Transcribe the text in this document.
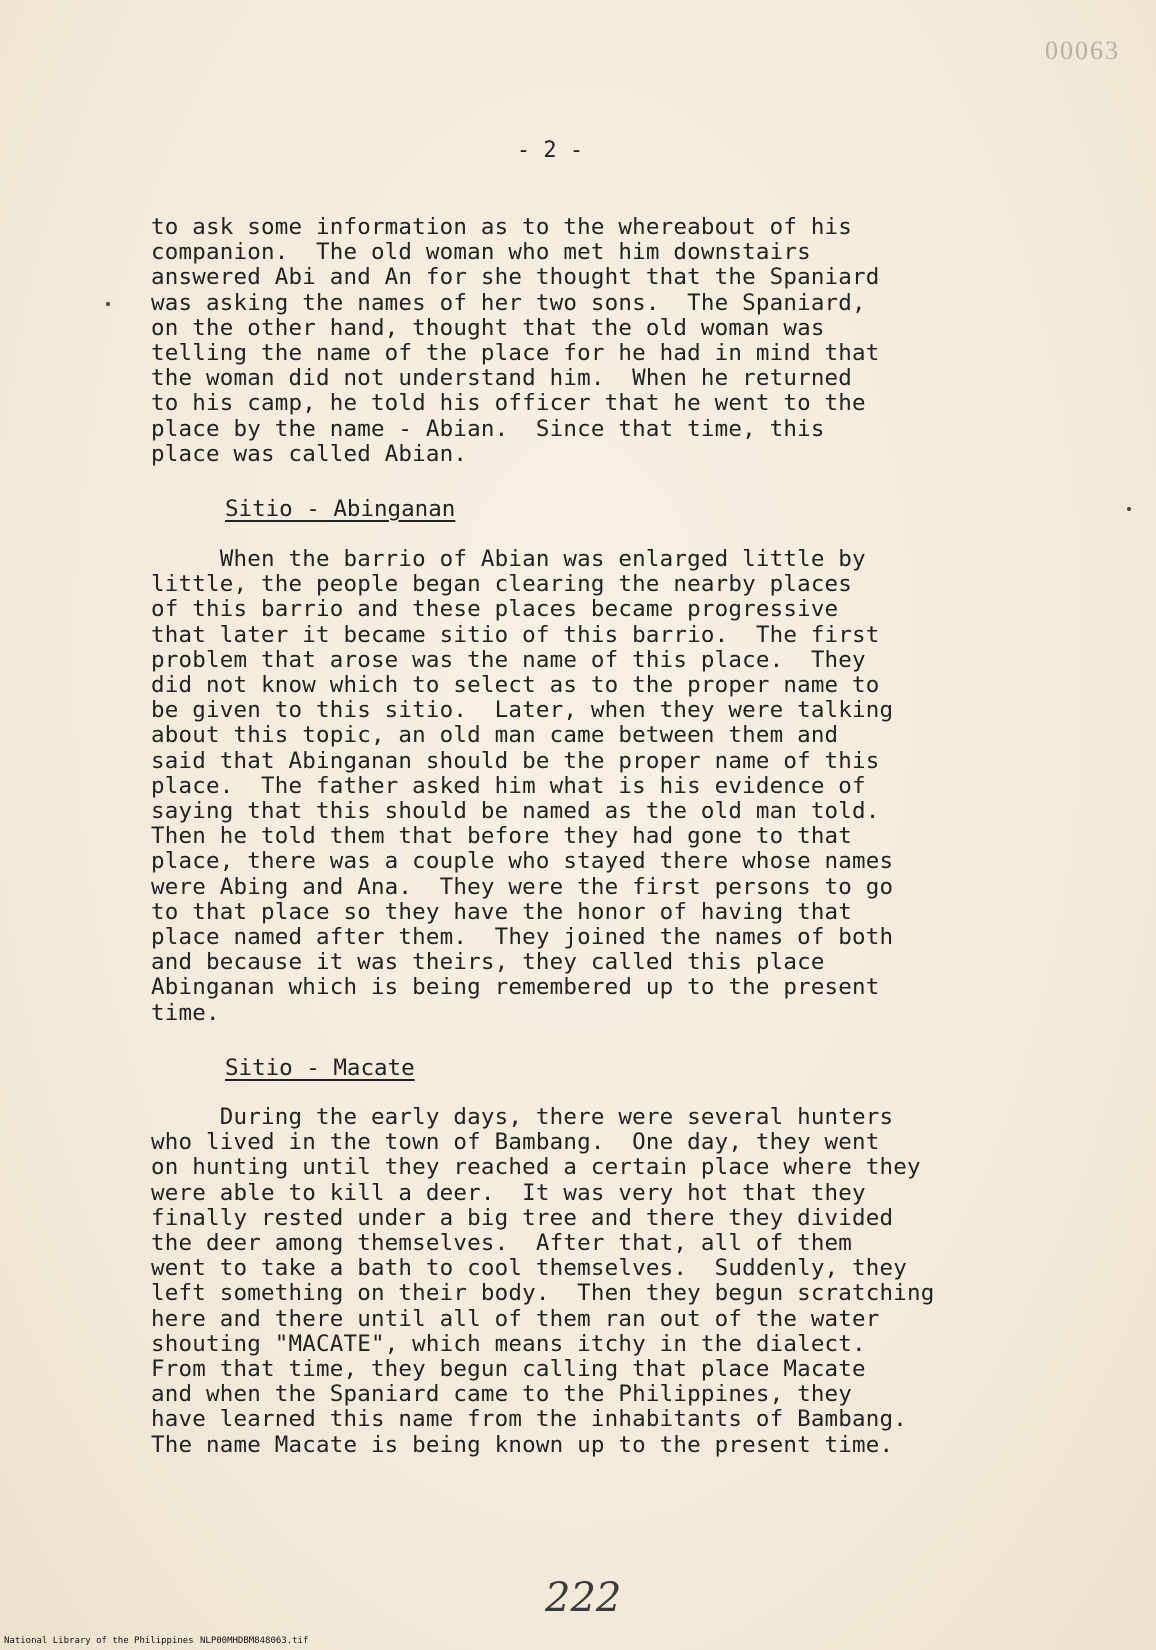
00063
- 2 -
to ask some information as to the whereabout of his
companion.  The old woman who met him downstairs
answered Abi and An for she thought that the Spaniard
was asking the names of her two sons.  The Spaniard,
on the other hand, thought that the old woman was
telling the name of the place for he had in mind that
the woman did not understand him.  When he returned
to his camp, he told his officer that he went to the
place by the name - Abian.  Since that time, this
place was called Abian.
Sitio - Abinganan
When the barrio of Abian was enlarged little by
little, the people began clearing the nearby places
of this barrio and these places became progressive
that later it became sitio of this barrio.  The first
problem that arose was the name of this place.  They
did not know which to select as to the proper name to
be given to this sitio.  Later, when they were talking
about this topic, an old man came between them and
said that Abinganan should be the proper name of this
place.  The father asked him what is his evidence of
saying that this should be named as the old man told.
Then he told them that before they had gone to that
place, there was a couple who stayed there whose names
were Abing and Ana.  They were the first persons to go
to that place so they have the honor of having that
place named after them.  They joined the names of both
and because it was theirs, they called this place
Abinganan which is being remembered up to the present
time.
Sitio - Macate
During the early days, there were several hunters
who lived in the town of Bambang.  One day, they went
on hunting until they reached a certain place where they
were able to kill a deer.  It was very hot that they
finally rested under a big tree and there they divided
the deer among themselves.  After that, all of them
went to take a bath to cool themselves.  Suddenly, they
left something on their body.  Then they begun scratching
here and there until all of them ran out of the water
shouting "MACATE", which means itchy in the dialect.
From that time, they begun calling that place Macate
and when the Spaniard came to the Philippines, they
have learned this name from the inhabitants of Bambang.
The name Macate is being known up to the present time.
222
National Library of the Philippines NLP00MHDBM848063.tif
